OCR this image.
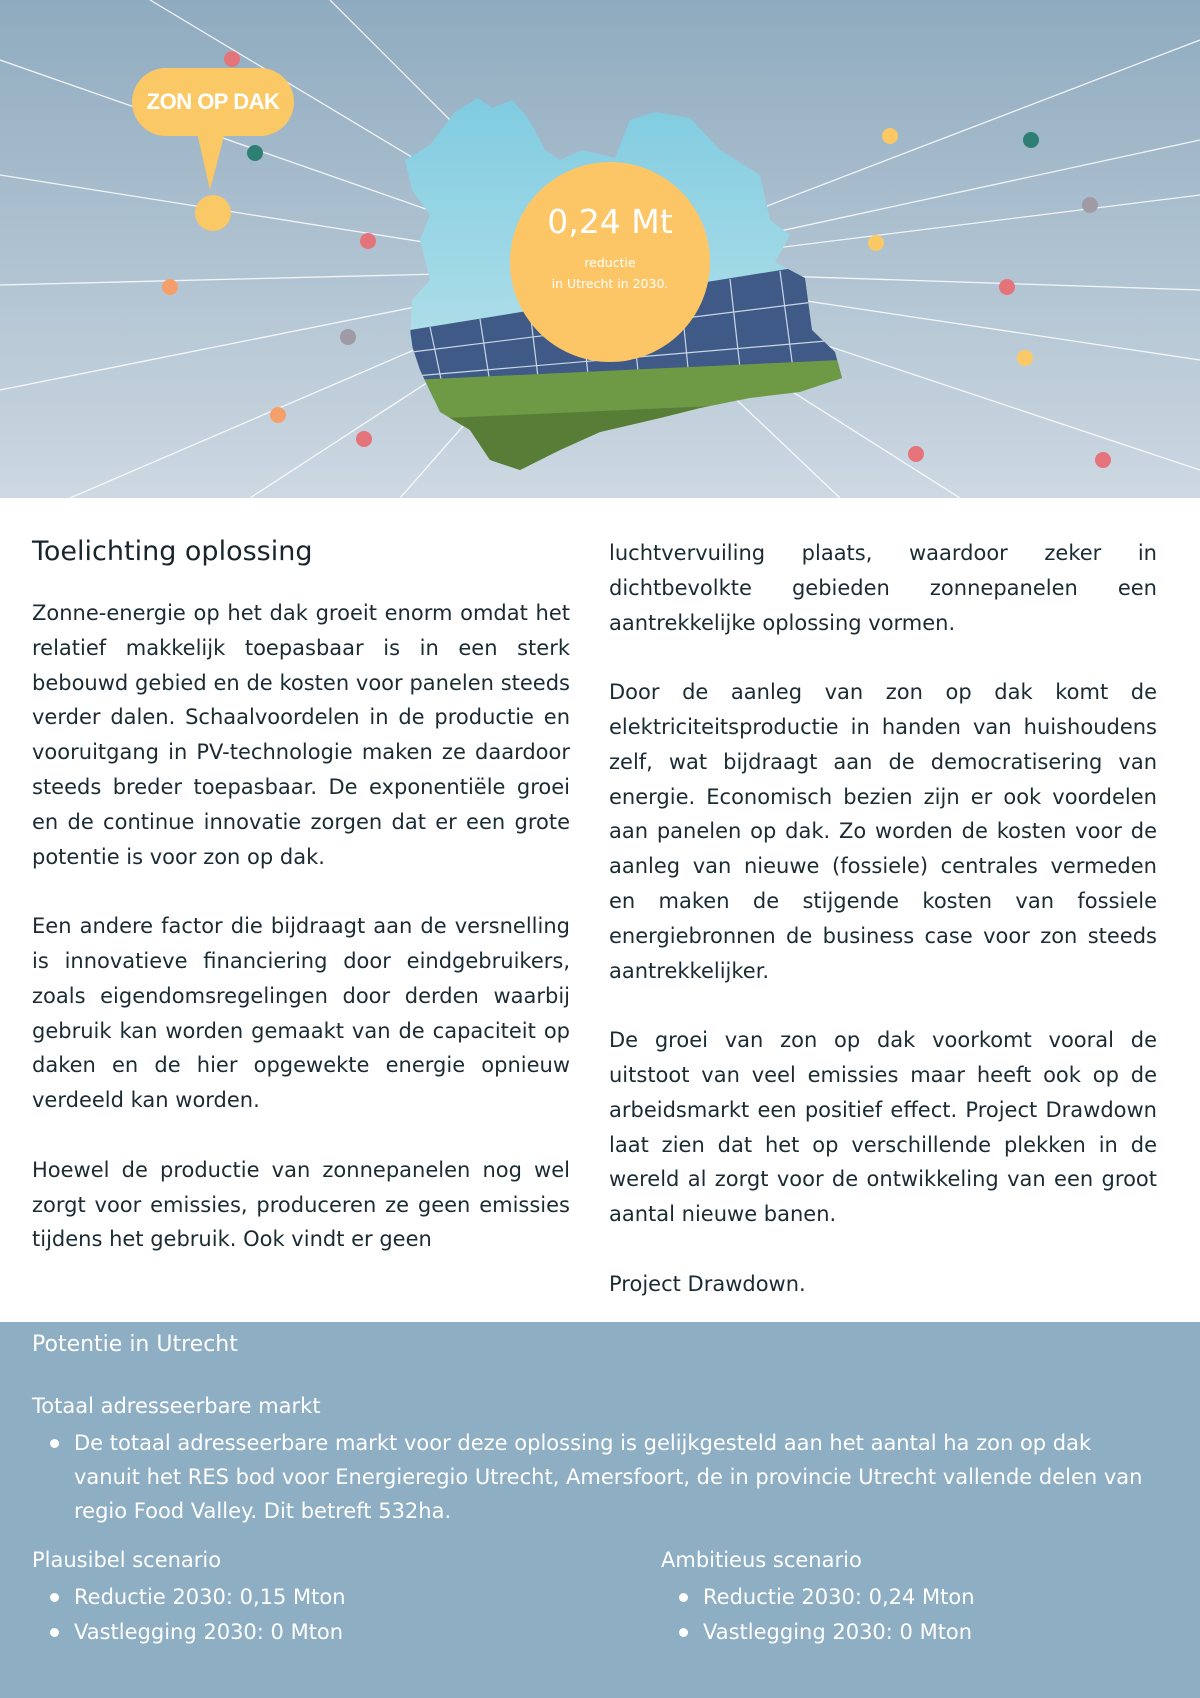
ZON OP DAK
0,24 Mt
reductie
in Utrecht in 2030.
Toelichting oplossing

Zonne-energie op het dak groeit enorm omdat het relatief makkelijk toepasbaar is in een sterk bebouwd gebied en de kosten voor panelen steeds verder dalen. Schaalvoordelen in de productie en vooruitgang in PV-technologie maken ze daardoor steeds breder toepasbaar. De exponentiële groei en de continue innovatie zorgen dat er een grote potentie is voor zon op dak.

Een andere factor die bijdraagt aan de versnelling is innovatieve financiering door eindgebruikers, zoals eigendomsregelingen door derden waarbij gebruik kan worden gemaakt van de capaciteit op daken en de hier opgewekte energie opnieuw verdeeld kan worden.

Hoewel de productie van zonnepanelen nog wel zorgt voor emissies, produceren ze geen emissies tijdens het gebruik. Ook vindt er geen

luchtvervuiling plaats, waardoor zeker in dichtbevolkte gebieden zonnepanelen een aantrekkelijke oplossing vormen.

Door de aanleg van zon op dak komt de elektriciteitsproductie in handen van huishoudens zelf, wat bijdraagt aan de democratisering van energie. Economisch bezien zijn er ook voordelen aan panelen op dak. Zo worden de kosten voor de aanleg van nieuwe (fossiele) centrales vermeden en maken de stijgende kosten van fossiele energiebronnen de business case voor zon steeds aantrekkelijker.

De groei van zon op dak voorkomt vooral de uitstoot van veel emissies maar heeft ook op de arbeidsmarkt een positief effect. Project Drawdown laat zien dat het op verschillende plekken in de wereld al zorgt voor de ontwikkeling van een groot aantal nieuwe banen.

Project Drawdown.

Potentie in Utrecht
Totaal adresseerbare markt
De totaal adresseerbare markt voor deze oplossing is gelijkgesteld aan het aantal ha zon op dak vanuit het RES bod voor Energieregio Utrecht, Amersfoort, de in provincie Utrecht vallende delen van regio Food Valley. Dit betreft 532ha.
Plausibel scenario
Reductie 2030: 0,15 Mton
Vastlegging 2030: 0 Mton
Ambitieus scenario
Reductie 2030: 0,24 Mton
Vastlegging 2030: 0 Mton
